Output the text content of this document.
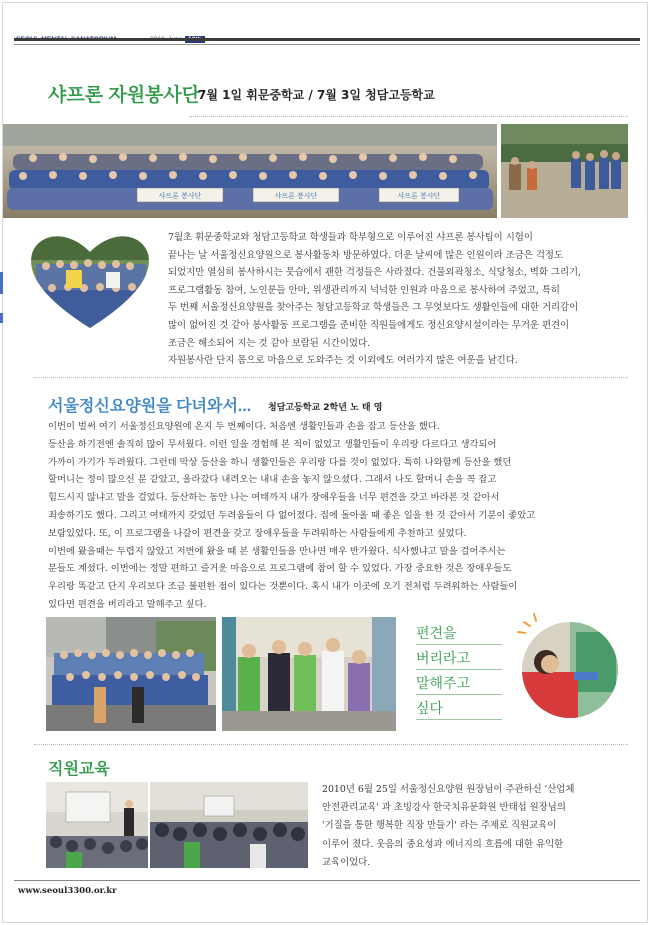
샤프론 자원봉사단
7월 1일 휘문중학교 / 7월 3일 청담고등학교
샤프론 봉사단	샤프론 봉사단	샤프론 봉사단

7월초 휘문중학교와 청담고등학교 학생들과 학부형으로 이루어진 샤프론 봉사팀이 시험이

끝나는 날 서울정신요양원으로 봉사활동차 방문하였다. 더운 날씨에 많은 인원이라 조금은 걱정도

되었지만 열심히 봉사하시는 뭇습에서 괜한 걱정들은 사라졌다. 건물외곽청소, 식당청소, 벽화 그리기,

프로그램활동 참여, 노인분들 안마, 위생관리까지 넉넉한 인원과 마음으로 봉사하여 주었고, 특히

두 번째 서울정신요양원을 찾아주는 청담고등학교 학생들은 그 무엇보다도 생활인들에 대한 거리감이

많이 없어진 것 같아 봉사활동 프로그램을 준비한 직원들에게도 정신요양시설이라는 무거운 편견이

조금은 해소되어 지는 것 같아 보람된 시간이었다.

자원봉사란 단지 몸으로 마음으로 도와주는 것 이외에도 여러가지 많은 여운을 남긴다.

서울정신요양원을 다녀와서... 청담고등학교 2학년 노 태 영

이번이 벌써 여기 서울정신요양원에 온지 두 번째이다. 처음엔 생활인들과 손을 잡고 등산을 했다.

등산을 하기전엔 솔직히 많이 무서웠다. 이런 일을 경험해 본 적이 없었고 생활인들이 우리랑 다르다고 생각되어

가까이 가기가 두려웠다. 그런데 막상 등산을 하니 생활인들은 우리랑 다를 것이 없었다. 특히 나와함께 등산을 했던

할머니는 정이 많으신 분 같았고, 올라갔다 내려오는 내내 손을 놓지 않으셨다. 그래서 나도 할머니 손을 꼭 잡고

힘드시지 않냐고 말을 걸었다. 등산하는 동안 나는 여태까지 내가 장애우들을 너무 편견을 갖고 바라본 것 같아서

죄송하기도 했다. 그리고 여태까지 갖었던 두려움들이 다 없어졌다. 집에 돌아올 때 좋은 일을 한 것 같아서 기분이 좋았고

보람있었다. 또, 이 프로그램을 나갈이 편견을 갖고 장애우들을 두려워하는 사람들에게 추천하고 싶었다.

이번에 왔을때는 두렵지 않았고 저번에 왔을 때 본 생활인들을 만나면 매우 반가웠다. 식사했냐고 말을 걸어주시는

분들도 계셨다. 이번에는 정말 편하고 즐거운 마음으로 프로그램에 참여 할 수 있었다. 가장 중요한 것은 장애우들도

우리랑 똑같고 단지 우리보다 조금 불편한 점이 있다는 것뿐이다. 혹시 내가 이곳에 오기 전처럼 두려워하는 사람들이

있다면 편견을 버리라고 말해주고 싶다.

편견을
버리라고
말해주고
싶다
직원교육

2010년 6월 25일 서울정신요양원 원장님이 주관하신 '산업체

안전관리교육' 과 초빙강사 한국치유문화원 반태섭 원장님의

'기질을 통한 행복한 직장 만들기' 라는 주제로 직원교육이

이루어 졌다. 웃음의 중요성과 에너지의 흐름에 대한 유익한

교육이었다.

www.seoul3300.or.kr
